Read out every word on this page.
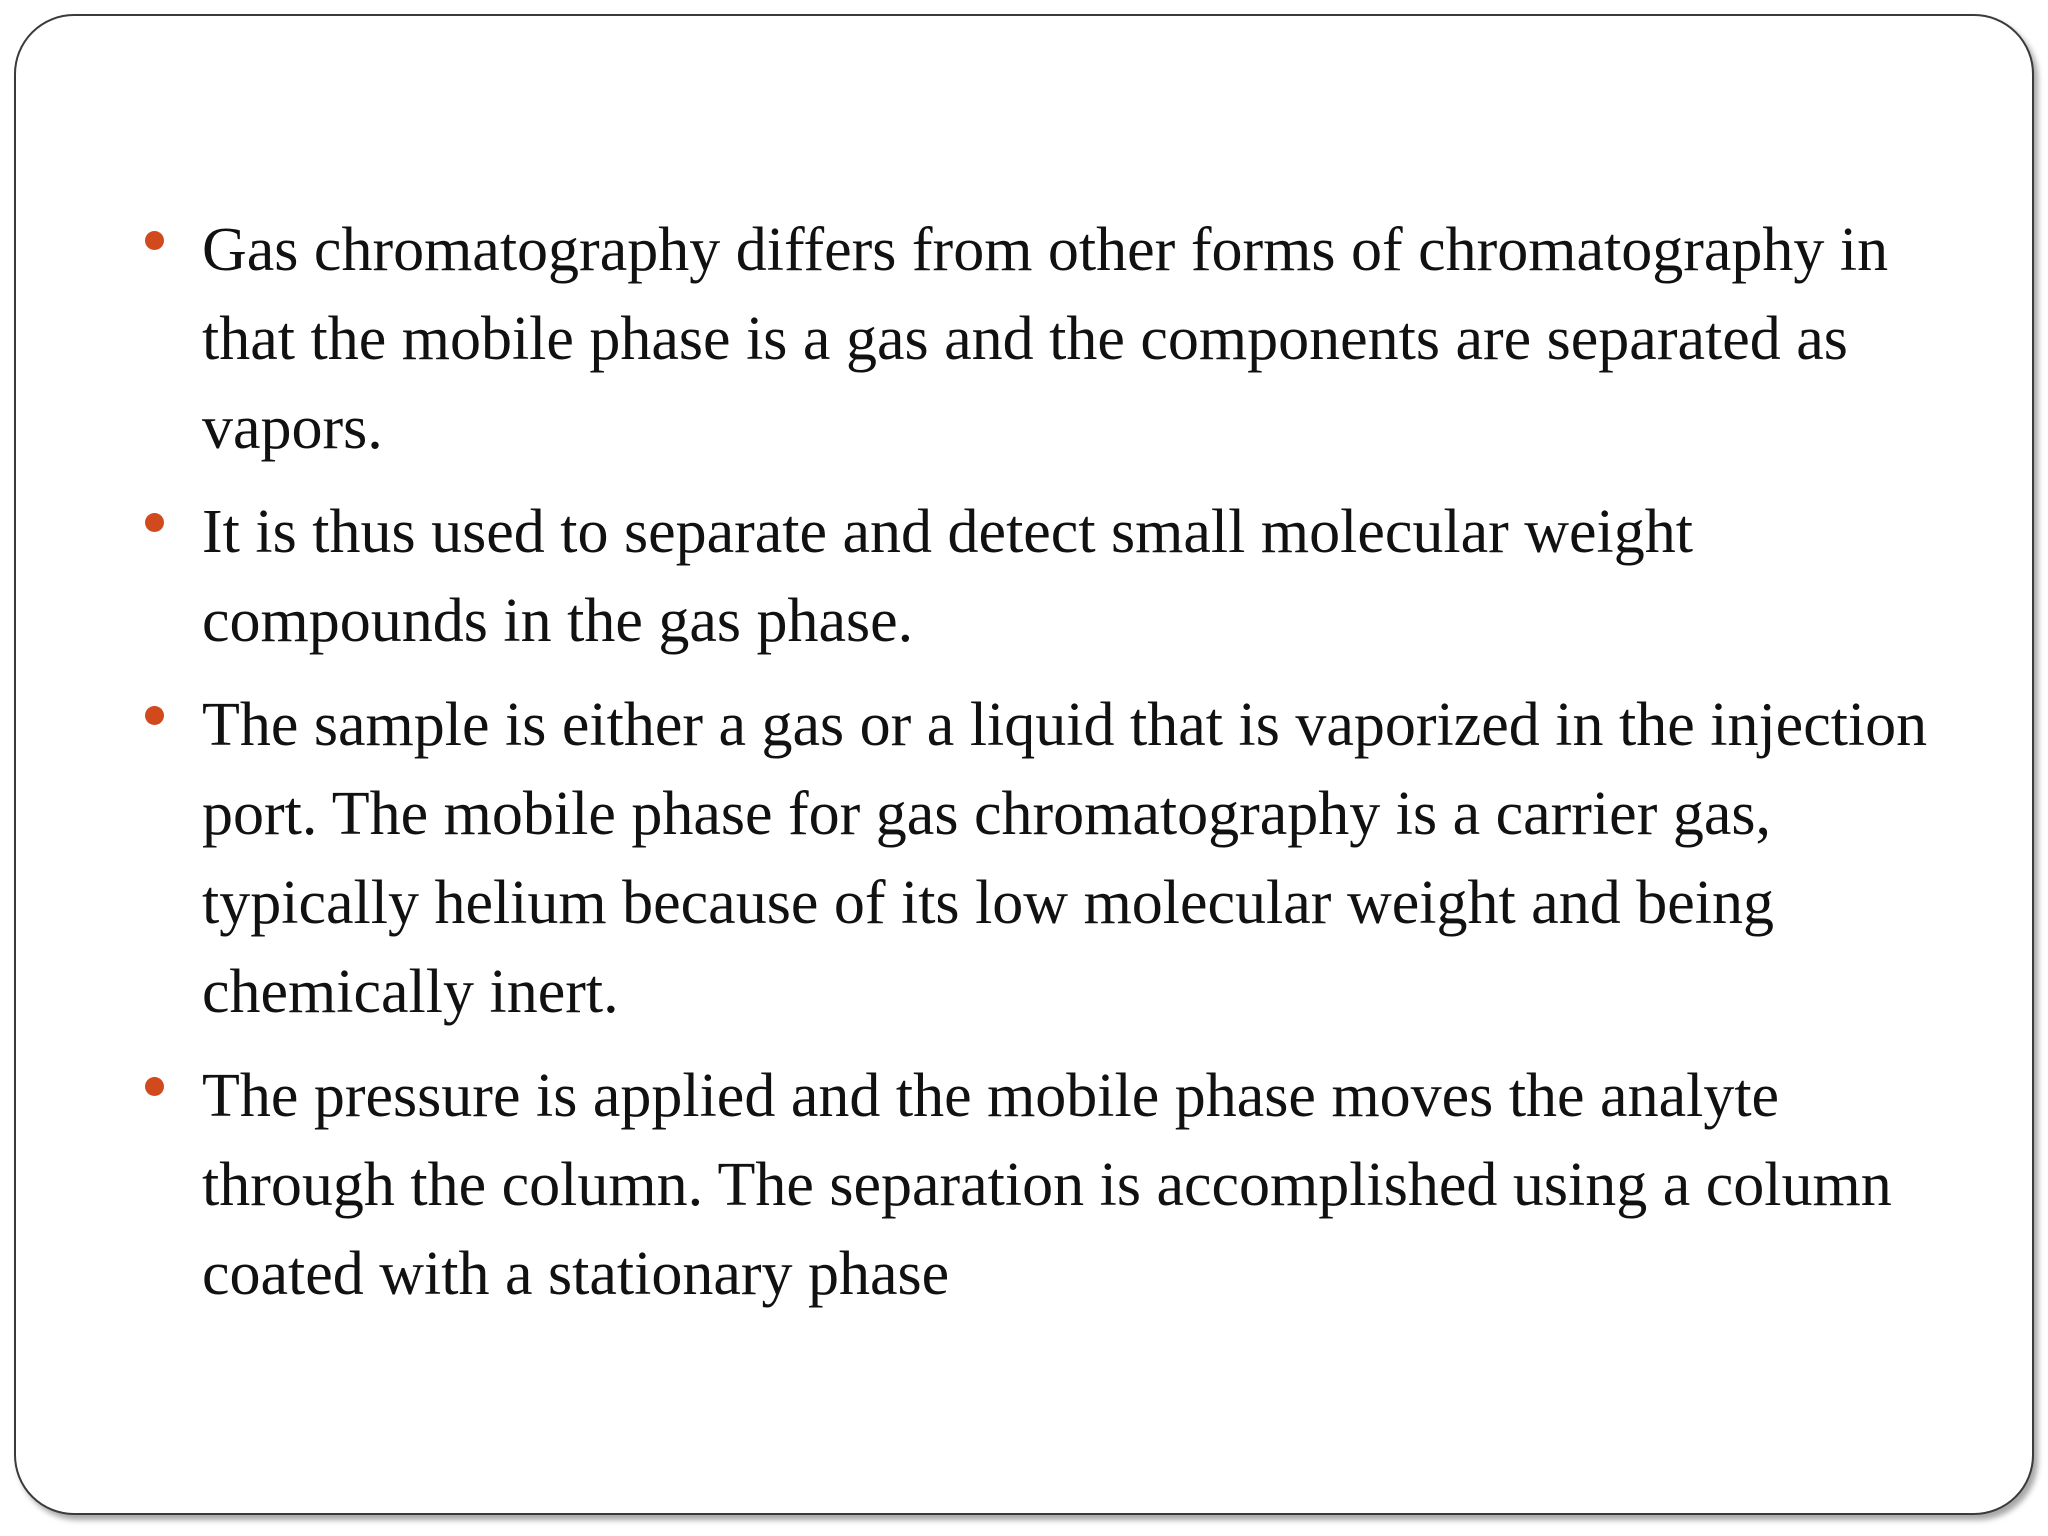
Gas chromatography differs from other forms of chromatography in that the mobile phase is a gas and the components are separated as vapors.
It is thus used to separate and detect small molecular weight compounds in the gas phase.
The sample is either a gas or a liquid that is vaporized in the injection port. The mobile phase for gas chromatography is a carrier gas, typically helium because of its low molecular weight and being chemically inert.
The pressure is applied and the mobile phase moves the analyte through the column. The separation is accomplished using a column coated with a stationary phase
